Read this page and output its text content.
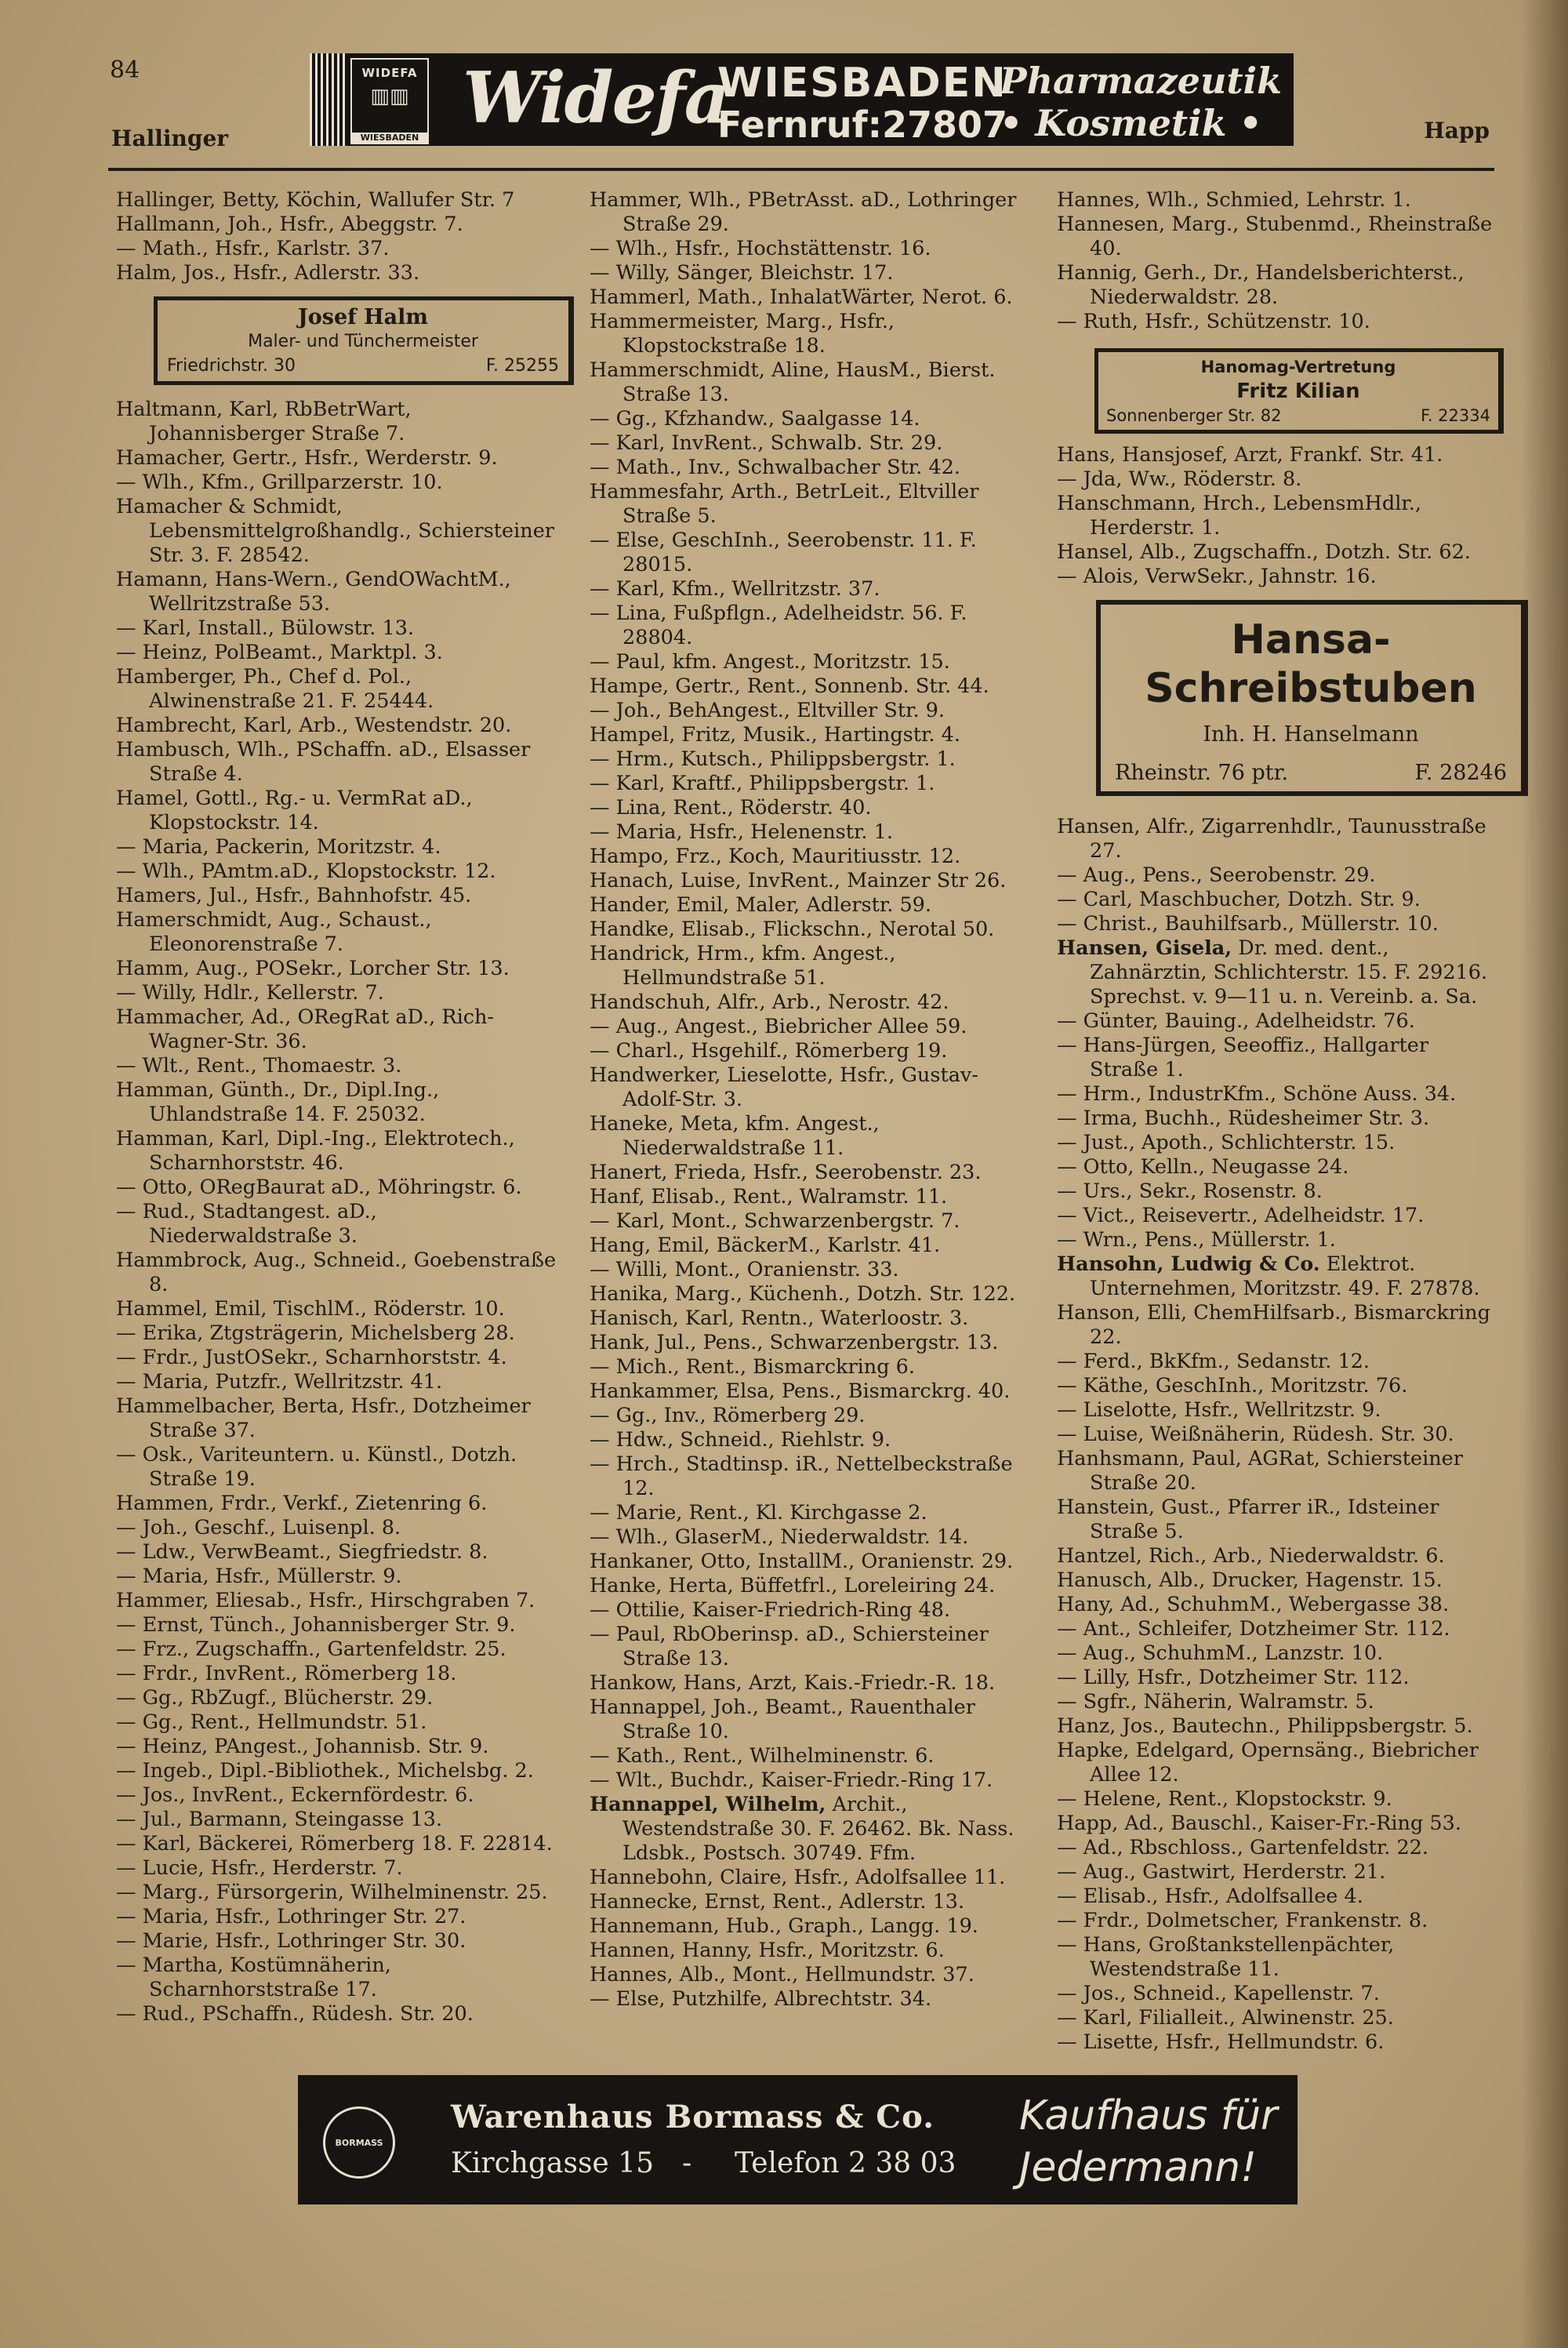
84
Hallinger	Happ
WIDEFA
▥▥
WIESBADEN Widefa
WIESBADEN
Fernruf:27807
Pharmazeutik
• Kosmetik •
Hallinger, Betty, Köchin, Wallufer Str. 7
Hallmann, Joh., Hsfr., Abeggstr. 7.
— Math., Hsfr., Karlstr. 37.
Halm, Jos., Hsfr., Adlerstr. 33.
Josef Halm
Maler- und Tünchermeister
Friedrichstr. 30	F. 25255
Haltmann, Karl, RbBetrWart, Johannisberger Straße 7.
Hamacher, Gertr., Hsfr., Werderstr. 9.
— Wlh., Kfm., Grillparzerstr. 10.
Hamacher & Schmidt, Lebensmittelgroßhandlg., Schiersteiner Str. 3. F. 28542.
Hamann, Hans-Wern., GendOWachtM., Wellritzstraße 53.
— Karl, Install., Bülowstr. 13.
— Heinz, PolBeamt., Marktpl. 3.
Hamberger, Ph., Chef d. Pol., Alwinenstraße 21. F. 25444.
Hambrecht, Karl, Arb., Westendstr. 20.
Hambusch, Wlh., PSchaffn. aD., Elsasser Straße 4.
Hamel, Gottl., Rg.- u. VermRat aD., Klopstockstr. 14.
— Maria, Packerin, Moritzstr. 4.
— Wlh., PAmtm.aD., Klopstockstr. 12.
Hamers, Jul., Hsfr., Bahnhofstr. 45.
Hamerschmidt, Aug., Schaust., Eleonorenstraße 7.
Hamm, Aug., POSekr., Lorcher Str. 13.
— Willy, Hdlr., Kellerstr. 7.
Hammacher, Ad., ORegRat aD., Rich-Wagner-Str. 36.
— Wlt., Rent., Thomaestr. 3.
Hamman, Günth., Dr., Dipl.Ing., Uhlandstraße 14. F. 25032.
Hamman, Karl, Dipl.-Ing., Elektrotech., Scharnhorststr. 46.
— Otto, ORegBaurat aD., Möhringstr. 6.
— Rud., Stadtangest. aD., Niederwaldstraße 3.
Hammbrock, Aug., Schneid., Goebenstraße 8.
Hammel, Emil, TischlM., Röderstr. 10.
— Erika, Ztgsträgerin, Michelsberg 28.
— Frdr., JustOSekr., Scharnhorststr. 4.
— Maria, Putzfr., Wellritzstr. 41.
Hammelbacher, Berta, Hsfr., Dotzheimer Straße 37.
— Osk., Variteuntern. u. Künstl., Dotzh. Straße 19.
Hammen, Frdr., Verkf., Zietenring 6.
— Joh., Geschf., Luisenpl. 8.
— Ldw., VerwBeamt., Siegfriedstr. 8.
— Maria, Hsfr., Müllerstr. 9.
Hammer, Eliesab., Hsfr., Hirschgraben 7.
— Ernst, Tünch., Johannisberger Str. 9.
— Frz., Zugschaffn., Gartenfeldstr. 25.
— Frdr., InvRent., Römerberg 18.
— Gg., RbZugf., Blücherstr. 29.
— Gg., Rent., Hellmundstr. 51.
— Heinz, PAngest., Johannisb. Str. 9.
— Ingeb., Dipl.-Bibliothek., Michelsbg. 2.
— Jos., InvRent., Eckernfördestr. 6.
— Jul., Barmann, Steingasse 13.
— Karl, Bäckerei, Römerberg 18. F. 22814.
— Lucie, Hsfr., Herderstr. 7.
— Marg., Fürsorgerin, Wilhelminenstr. 25.
— Maria, Hsfr., Lothringer Str. 27.
— Marie, Hsfr., Lothringer Str. 30.
— Martha, Kostümnäherin, Scharnhorststraße 17.
— Rud., PSchaffn., Rüdesh. Str. 20.
Hammer, Wlh., PBetrAsst. aD., Lothringer Straße 29.
— Wlh., Hsfr., Hochstättenstr. 16.
— Willy, Sänger, Bleichstr. 17.
Hammerl, Math., InhalatWärter, Nerot. 6.
Hammermeister, Marg., Hsfr., Klopstockstraße 18.
Hammerschmidt, Aline, HausM., Bierst. Straße 13.
— Gg., Kfzhandw., Saalgasse 14.
— Karl, InvRent., Schwalb. Str. 29.
— Math., Inv., Schwalbacher Str. 42.
Hammesfahr, Arth., BetrLeit., Eltviller Straße 5.
— Else, GeschInh., Seerobenstr. 11. F. 28015.
— Karl, Kfm., Wellritzstr. 37.
— Lina, Fußpflgn., Adelheidstr. 56. F. 28804.
— Paul, kfm. Angest., Moritzstr. 15.
Hampe, Gertr., Rent., Sonnenb. Str. 44.
— Joh., BehAngest., Eltviller Str. 9.
Hampel, Fritz, Musik., Hartingstr. 4.
— Hrm., Kutsch., Philippsbergstr. 1.
— Karl, Kraftf., Philippsbergstr. 1.
— Lina, Rent., Röderstr. 40.
— Maria, Hsfr., Helenenstr. 1.
Hampo, Frz., Koch, Mauritiusstr. 12.
Hanach, Luise, InvRent., Mainzer Str 26.
Hander, Emil, Maler, Adlerstr. 59.
Handke, Elisab., Flickschn., Nerotal 50.
Handrick, Hrm., kfm. Angest., Hellmundstraße 51.
Handschuh, Alfr., Arb., Nerostr. 42.
— Aug., Angest., Biebricher Allee 59.
— Charl., Hsgehilf., Römerberg 19.
Handwerker, Lieselotte, Hsfr., Gustav-Adolf-Str. 3.
Haneke, Meta, kfm. Angest., Niederwaldstraße 11.
Hanert, Frieda, Hsfr., Seerobenstr. 23.
Hanf, Elisab., Rent., Walramstr. 11.
— Karl, Mont., Schwarzenbergstr. 7.
Hang, Emil, BäckerM., Karlstr. 41.
— Willi, Mont., Oranienstr. 33.
Hanika, Marg., Küchenh., Dotzh. Str. 122.
Hanisch, Karl, Rentn., Waterloostr. 3.
Hank, Jul., Pens., Schwarzenbergstr. 13.
— Mich., Rent., Bismarckring 6.
Hankammer, Elsa, Pens., Bismarckrg. 40.
— Gg., Inv., Römerberg 29.
— Hdw., Schneid., Riehlstr. 9.
— Hrch., Stadtinsp. iR., Nettelbeckstraße 12.
— Marie, Rent., Kl. Kirchgasse 2.
— Wlh., GlaserM., Niederwaldstr. 14.
Hankaner, Otto, InstallM., Oranienstr. 29.
Hanke, Herta, Büffetfrl., Loreleiring 24.
— Ottilie, Kaiser-Friedrich-Ring 48.
— Paul, RbOberinsp. aD., Schiersteiner Straße 13.
Hankow, Hans, Arzt, Kais.-Friedr.-R. 18.
Hannappel, Joh., Beamt., Rauenthaler Straße 10.
— Kath., Rent., Wilhelminenstr. 6.
— Wlt., Buchdr., Kaiser-Friedr.-Ring 17.
Hannappel, Wilhelm, Archit., Westendstraße 30. F. 26462. Bk. Nass. Ldsbk., Postsch. 30749. Ffm.
Hannebohn, Claire, Hsfr., Adolfsallee 11.
Hannecke, Ernst, Rent., Adlerstr. 13.
Hannemann, Hub., Graph., Langg. 19.
Hannen, Hanny, Hsfr., Moritzstr. 6.
Hannes, Alb., Mont., Hellmundstr. 37.
— Else, Putzhilfe, Albrechtstr. 34.
Hannes, Wlh., Schmied, Lehrstr. 1.
Hannesen, Marg., Stubenmd., Rheinstraße 40.
Hannig, Gerh., Dr., Handelsberichterst., Niederwaldstr. 28.
— Ruth, Hsfr., Schützenstr. 10.
Hanomag-Vertretung
Fritz Kilian
Sonnenberger Str. 82	F. 22334
Hans, Hansjosef, Arzt, Frankf. Str. 41.
— Jda, Ww., Röderstr. 8.
Hanschmann, Hrch., LebensmHdlr., Herderstr. 1.
Hansel, Alb., Zugschaffn., Dotzh. Str. 62.
— Alois, VerwSekr., Jahnstr. 16.
Hansa-
Schreibstuben
Inh. H. Hanselmann
Rheinstr. 76 ptr.	F. 28246
Hansen, Alfr., Zigarrenhdlr., Taunusstraße 27.
— Aug., Pens., Seerobenstr. 29.
— Carl, Maschbucher, Dotzh. Str. 9.
— Christ., Bauhilfsarb., Müllerstr. 10.
Hansen, Gisela, Dr. med. dent., Zahnärztin, Schlichterstr. 15. F. 29216. Sprechst. v. 9—11 u. n. Vereinb. a. Sa.
— Günter, Bauing., Adelheidstr. 76.
— Hans-Jürgen, Seeoffiz., Hallgarter Straße 1.
— Hrm., IndustrKfm., Schöne Auss. 34.
— Irma, Buchh., Rüdesheimer Str. 3.
— Just., Apoth., Schlichterstr. 15.
— Otto, Kelln., Neugasse 24.
— Urs., Sekr., Rosenstr. 8.
— Vict., Reisevertr., Adelheidstr. 17.
— Wrn., Pens., Müllerstr. 1.
Hansohn, Ludwig & Co. Elektrot. Unternehmen, Moritzstr. 49. F. 27878.
Hanson, Elli, ChemHilfsarb., Bismarckring 22.
— Ferd., BkKfm., Sedanstr. 12.
— Käthe, GeschInh., Moritzstr. 76.
— Liselotte, Hsfr., Wellritzstr. 9.
— Luise, Weißnäherin, Rüdesh. Str. 30.
Hanhsmann, Paul, AGRat, Schiersteiner Straße 20.
Hanstein, Gust., Pfarrer iR., Idsteiner Straße 5.
Hantzel, Rich., Arb., Niederwaldstr. 6.
Hanusch, Alb., Drucker, Hagenstr. 15.
Hany, Ad., SchuhmM., Webergasse 38.
— Ant., Schleifer, Dotzheimer Str. 112.
— Aug., SchuhmM., Lanzstr. 10.
— Lilly, Hsfr., Dotzheimer Str. 112.
— Sgfr., Näherin, Walramstr. 5.
Hanz, Jos., Bautechn., Philippsbergstr. 5.
Hapke, Edelgard, Opernsäng., Biebricher Allee 12.
— Helene, Rent., Klopstockstr. 9.
Happ, Ad., Bauschl., Kaiser-Fr.-Ring 53.
— Ad., Rbschloss., Gartenfeldstr. 22.
— Aug., Gastwirt, Herderstr. 21.
— Elisab., Hsfr., Adolfsallee 4.
— Frdr., Dolmetscher, Frankenstr. 8.
— Hans, Großtankstellenpächter, Westendstraße 11.
— Jos., Schneid., Kapellenstr. 7.
— Karl, Filialleit., Alwinenstr. 25.
— Lisette, Hsfr., Hellmundstr. 6.
BORMASS
Warenhaus Bormass & Co.
Kirchgasse 15 - Telefon 2 38 03
Kaufhaus für
Jedermann!
